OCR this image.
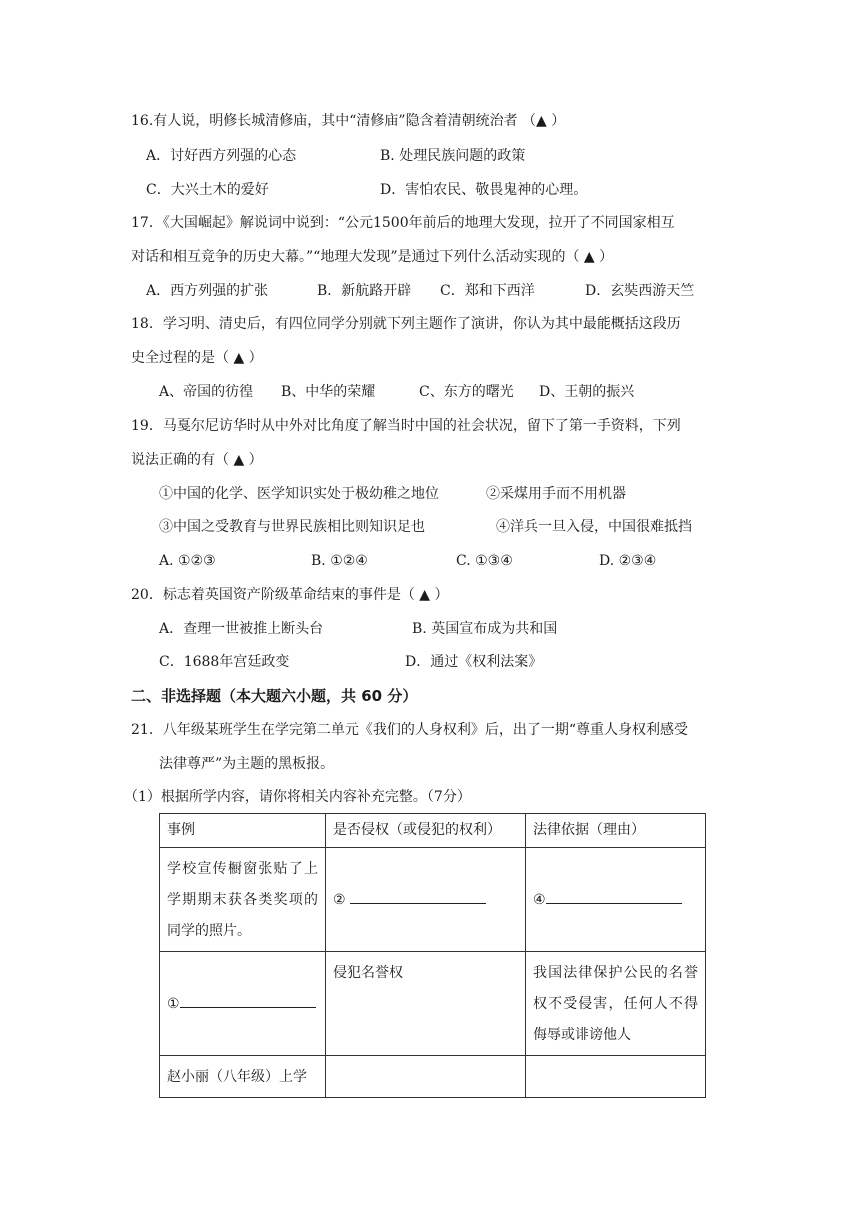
16.有人说，明修长城清修庙，其中“清修庙”隐含着清朝统治者 （▲ ）
A．讨好西方列强的心态	B. 处理民族问题的政策
C．大兴土木的爱好	D．害怕农民、敬畏鬼神的心理。
17．《大国崛起》解说词中说到：“公元1500年前后的地理大发现，拉开了不同国家相互
对话和相互竞争的历史大幕。”“地理大发现”是通过下列什么活动实现的（ ▲ ）
A．西方列强的扩张	B．新航路开辟 C．郑和下西洋	D．玄奘西游天竺
18．学习明、清史后，有四位同学分别就下列主题作了演讲，你认为其中最能概括这段历
史全过程的是（ ▲ ）
A、帝国的彷徨 B、中华的荣耀	C、东方的曙光 D、王朝的振兴
19．马戛尔尼访华时从中外对比角度了解当时中国的社会状况，留下了第一手资料，下列
说法正确的有（ ▲ ）
①中国的化学、医学知识实处于极幼稚之地位	②采煤用手而不用机器
③中国之受教育与世界民族相比则知识足也	④洋兵一旦入侵，中国很难抵挡
A. ①②③	B. ①②④	C. ①③④	D. ②③④
20．标志着英国资产阶级革命结束的事件是（ ▲ ）
A．查理一世被推上断头台	B. 英国宣布成为共和国
C．1688年宫廷政变	D．通过《权利法案》
二、非选择题（本大题六小题，共 60 分）
21．八年级某班学生在学完第二单元《我们的人身权利》后，出了一期“尊重人身权利感受
法律尊严”为主题的黑板报。
（1）根据所学内容，请你将相关内容补充完整。（7分）
事例	是否侵权（或侵犯的权利）	法律依据（理由）
学校宣传橱窗张贴了上学期期末获各类奖项的同学的照片。	②	④

①	侵犯名誉权	我国法律保护公民的名誉权不受侵害，任何人不得侮辱或诽谤他人
赵小丽（八年级）上学		
